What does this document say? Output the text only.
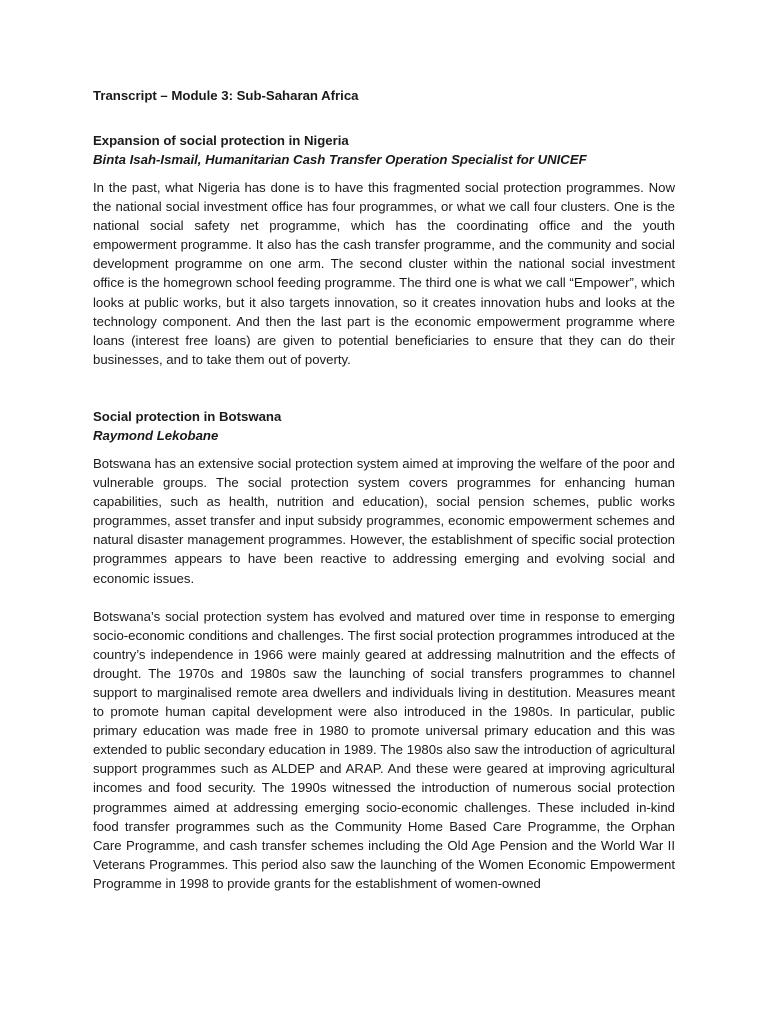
Transcript – Module 3: Sub-Saharan Africa
Expansion of social protection in Nigeria
Binta Isah-Ismail, Humanitarian Cash Transfer Operation Specialist for UNICEF

In the past, what Nigeria has done is to have this fragmented social protection programmes. Now the national social investment office has four programmes, or what we call four clusters. One is the national social safety net programme, which has the coordinating office and the youth empowerment programme. It also has the cash transfer programme, and the community and social development programme on one arm. The second cluster within the national social investment office is the homegrown school feeding programme. The third one is what we call “Empower”, which looks at public works, but it also targets innovation, so it creates innovation hubs and looks at the technology component. And then the last part is the economic empowerment programme where loans (interest free loans) are given to potential beneficiaries to ensure that they can do their businesses, and to take them out of poverty.

Social protection in Botswana
Raymond Lekobane

Botswana has an extensive social protection system aimed at improving the welfare of the poor and vulnerable groups. The social protection system covers programmes for enhancing human capabilities, such as health, nutrition and education), social pension schemes, public works programmes, asset transfer and input subsidy programmes, economic empowerment schemes and natural disaster management programmes. However, the establishment of specific social protection programmes appears to have been reactive to addressing emerging and evolving social and economic issues.

Botswana’s social protection system has evolved and matured over time in response to emerging socio-economic conditions and challenges. The first social protection programmes introduced at the country’s independence in 1966 were mainly geared at addressing malnutrition and the effects of drought. The 1970s and 1980s saw the launching of social transfers programmes to channel support to marginalised remote area dwellers and individuals living in destitution. Measures meant to promote human capital development were also introduced in the 1980s. In particular, public primary education was made free in 1980 to promote universal primary education and this was extended to public secondary education in 1989. The 1980s also saw the introduction of agricultural support programmes such as ALDEP and ARAP. And these were geared at improving agricultural incomes and food security. The 1990s witnessed the introduction of numerous social protection programmes aimed at addressing emerging socio-economic challenges. These included in-kind food transfer programmes such as the Community Home Based Care Programme, the Orphan Care Programme, and cash transfer schemes including the Old Age Pension and the World War II Veterans Programmes. This period also saw the launching of the Women Economic Empowerment Programme in 1998 to provide grants for the establishment of women-owned
